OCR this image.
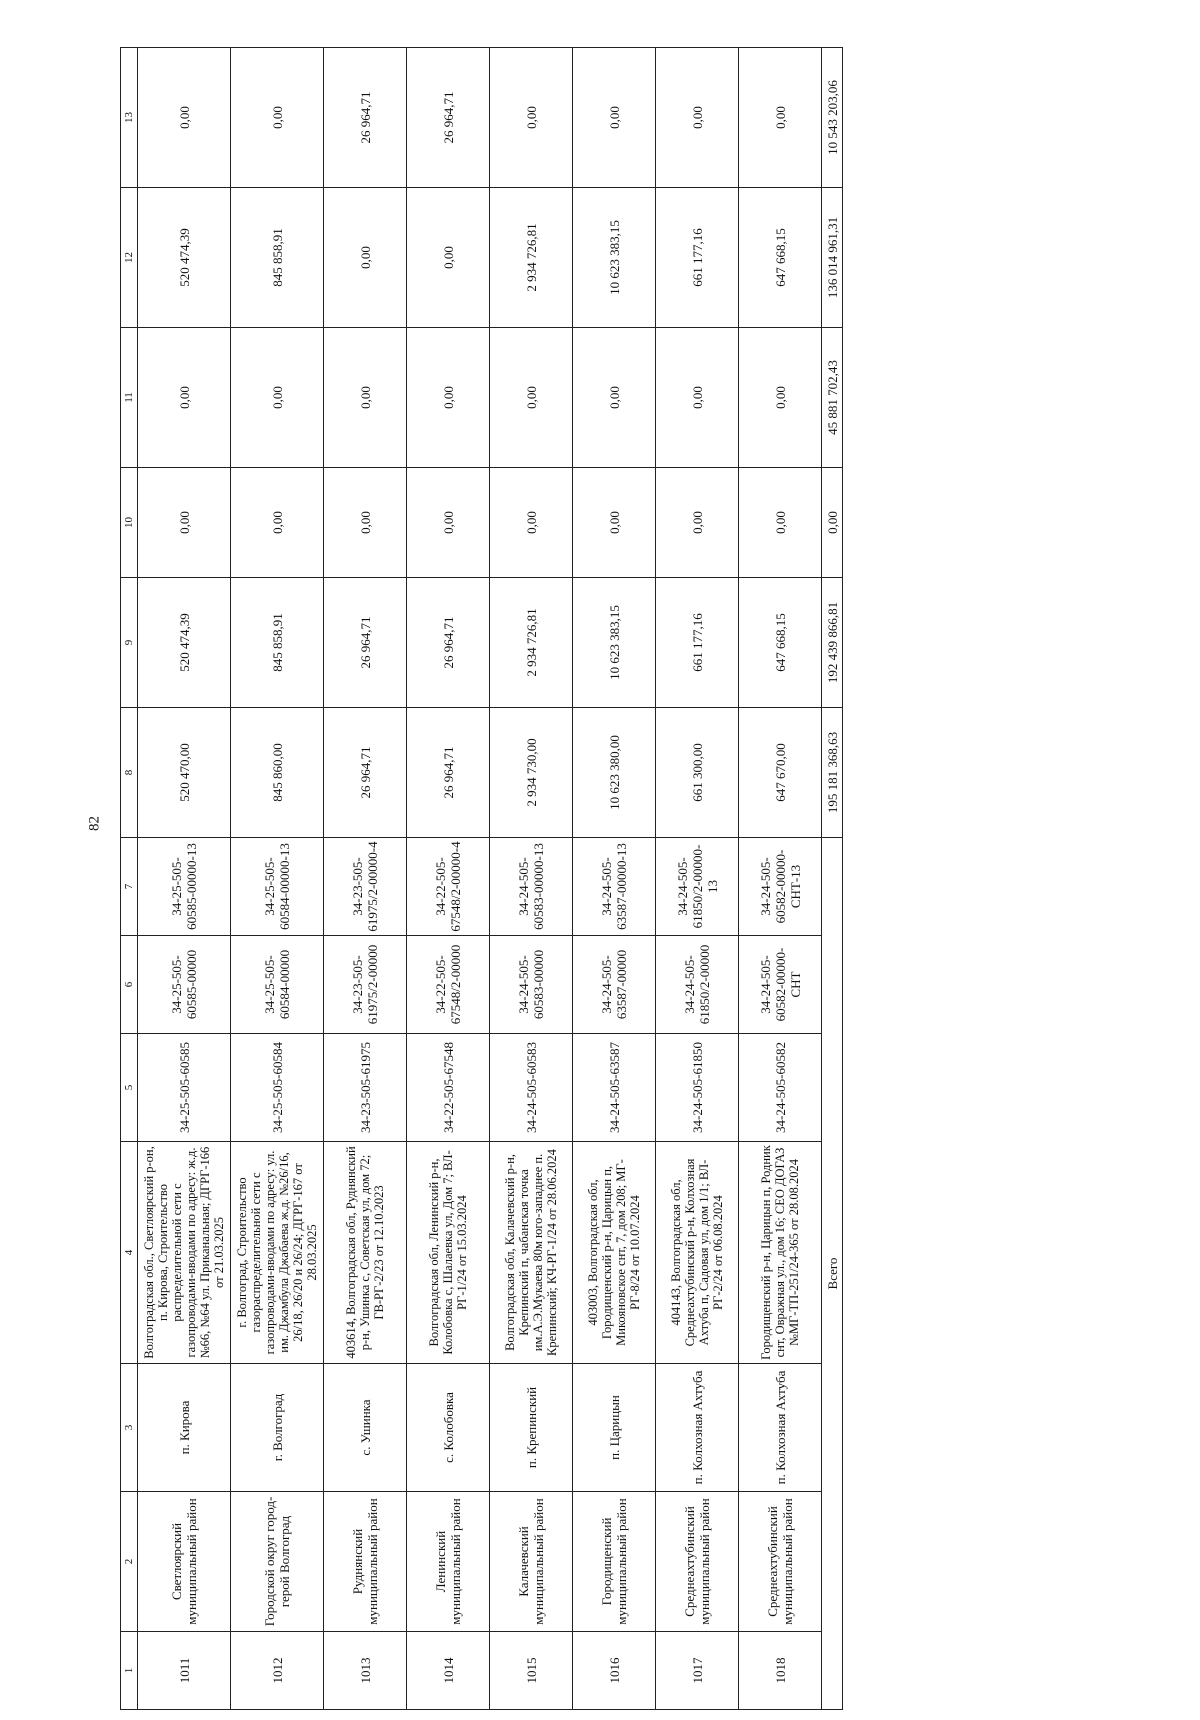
82
1	2	3	4	5	6	7	8	9	10	11	12	13
1011	Светлоярский муниципальный район	п. Кирова	Волгоградская обл., Светлоярский р-он, п. Кирова, Строительство распределительной сети с газопроводами-вводами по адресу: ж.д. №66, №64 ул. Приканальная; ДГРГ-166 от 21.03.2025	34-25-505-60585	34-25-505-60585-00000	34-25-505-60585-00000-13	520 470,00	520 474,39	0,00	0,00	520 474,39	0,00
1012	Городской округ город-герой Волгоград	г. Волгоград	г. Волгоград, Строительство газораспределительной сети с газопроводами-вводами по адресу: ул. им. Джамбула Джабаева ж.д. №26/16, 26/18, 26/20 и 26/24; ДГРГ-167 от 28.03.2025	34-25-505-60584	34-25-505-60584-00000	34-25-505-60584-00000-13	845 860,00	845 858,91	0,00	0,00	845 858,91	0,00
1013	Руднянский муниципальный район	с. Ушинка	403614, Волгоградская обл, Руднянский р-н, Ушинка с, Советская ул, дом 72; ГВ-РГ-2/23 от 12.10.2023	34-23-505-61975	34-23-505-61975/2-00000	34-23-505-61975/2-00000-4	26 964,71	26 964,71	0,00	0,00	0,00	26 964,71
1014	Ленинский муниципальный район	с. Колобовка	Волгоградская обл, Ленинский р-н, Колобовка с, Шалаевка ул, Дом 7; ВЛ-РГ-1/24 от 15.03.2024	34-22-505-67548	34-22-505-67548/2-00000	34-22-505-67548/2-00000-4	26 964,71	26 964,71	0,00	0,00	0,00	26 964,71
1015	Калачевский муниципальный район	п. Крепинский	Волгоградская обл, Калачевский р-н, Крепинский п, чабанская точка им.А.Э.Мукаева 80м юго-западнее п. Крепинский; КЧ-РГ-1/24 от 28.06.2024	34-24-505-60583	34-24-505-60583-00000	34-24-505-60583-00000-13	2 934 730,00	2 934 726,81	0,00	0,00	2 934 726,81	0,00
1016	Городищенский муниципальный район	п. Царицын	403003, Волгоградская обл, Городищенский р-н, Царицын п, Микояновское снт, 7, дом 208; МГ-РГ-8/24 от 10.07.2024	34-24-505-63587	34-24-505-63587-00000	34-24-505-63587-00000-13	10 623 380,00	10 623 383,15	0,00	0,00	10 623 383,15	0,00
1017	Среднеахтубинский муниципальный район	п. Колхозная Ахтуба	404143, Волгоградская обл, Среднеахтубинский р-н, Колхозная Ахтуба п, Садовая ул, дом 1/1; ВЛ-РГ-2/24 от 06.08.2024	34-24-505-61850	34-24-505-61850/2-00000	34-24-505-61850/2-00000-13	661 300,00	661 177,16	0,00	0,00	661 177,16	0,00
1018	Среднеахтубинский муниципальный район	п. Колхозная Ахтуба	Городищенский р-н, Царицын п, Родник снт, Овражная ул., дом 16; СЕО ДОГАЗ №МГ-ТП-251/24-365 от 28.08.2024	34-24-505-60582	34-24-505-60582-00000-СНТ	34-24-505-60582-00000-СНТ-13	647 670,00	647 668,15	0,00	0,00	647 668,15	0,00
Всего							195 181 368,63	192 439 866,81	0,00	45 881 702,43	136 014 961,31	10 543 203,06
